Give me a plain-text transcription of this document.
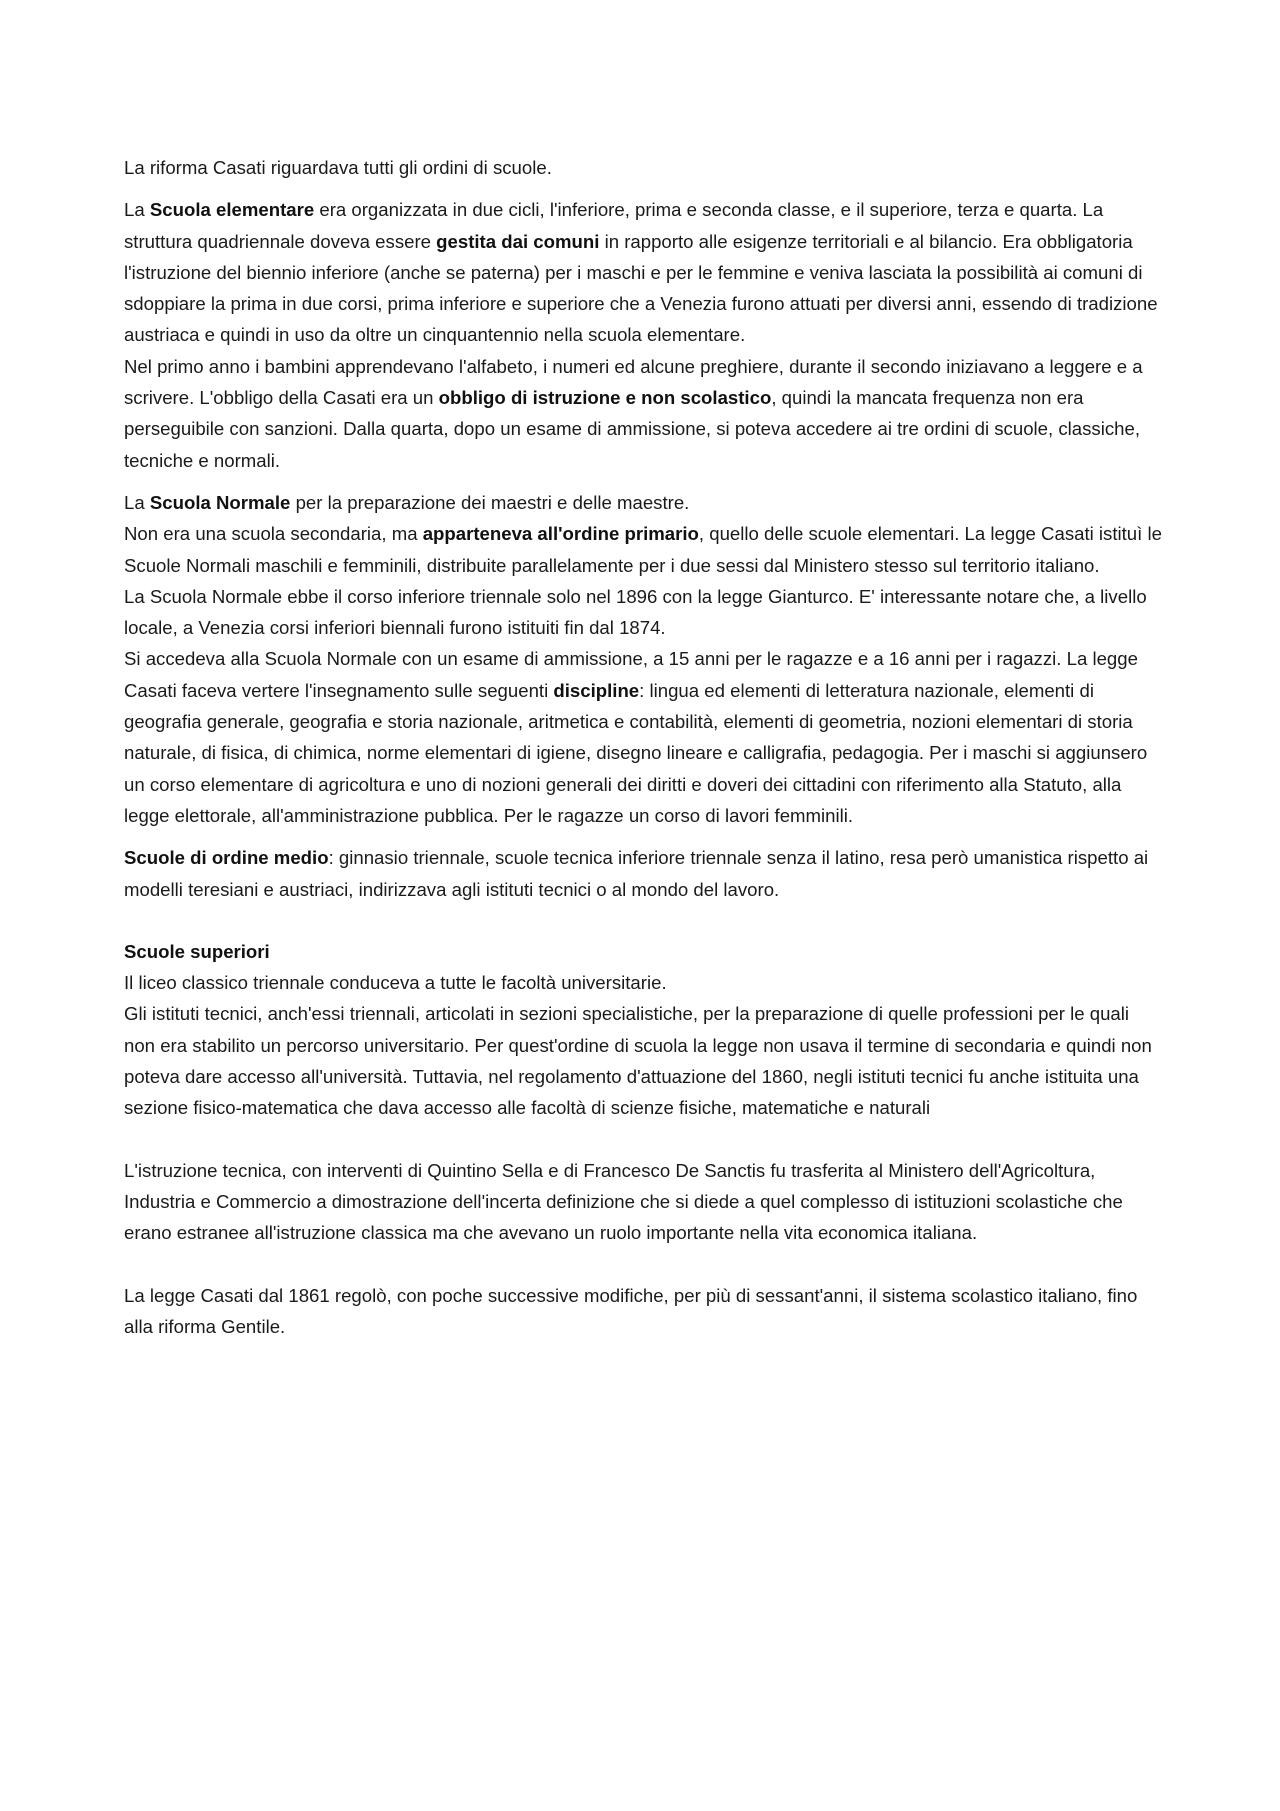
La riforma Casati riguardava tutti gli ordini di scuole.

La Scuola elementare era organizzata in due cicli, l'inferiore, prima e seconda classe, e il superiore, terza e quarta. La struttura quadriennale doveva essere gestita dai comuni in rapporto alle esigenze territoriali e al bilancio. Era obbligatoria l'istruzione del biennio inferiore (anche se paterna) per i maschi e per le femmine e veniva lasciata la possibilità ai comuni di sdoppiare la prima in due corsi, prima inferiore e superiore che a Venezia furono attuati per diversi anni, essendo di tradizione austriaca e quindi in uso da oltre un cinquantennio nella scuola elementare.

Nel primo anno i bambini apprendevano l'alfabeto, i numeri ed alcune preghiere, durante il secondo iniziavano a leggere e a scrivere. L'obbligo della Casati era un obbligo di istruzione e non scolastico, quindi la mancata frequenza non era perseguibile con sanzioni. Dalla quarta, dopo un esame di ammissione, si poteva accedere ai tre ordini di scuole, classiche, tecniche e normali.

La Scuola Normale per la preparazione dei maestri e delle maestre.

Non era una scuola secondaria, ma apparteneva all'ordine primario, quello delle scuole elementari. La legge Casati istituì le Scuole Normali maschili e femminili, distribuite parallelamente per i due sessi dal Ministero stesso sul territorio italiano.

La Scuola Normale ebbe il corso inferiore triennale solo nel 1896 con la legge Gianturco. E' interessante notare che, a livello locale, a Venezia corsi inferiori biennali furono istituiti fin dal 1874.

Si accedeva alla Scuola Normale con un esame di ammissione, a 15 anni per le ragazze e a 16 anni per i ragazzi. La legge Casati faceva vertere l'insegnamento sulle seguenti discipline: lingua ed elementi di letteratura nazionale, elementi di geografia generale, geografia e storia nazionale, aritmetica e contabilità, elementi di geometria, nozioni elementari di storia naturale, di fisica, di chimica, norme elementari di igiene, disegno lineare e calligrafia, pedagogia. Per i maschi si aggiunsero un corso elementare di agricoltura e uno di nozioni generali dei diritti e doveri dei cittadini con riferimento alla Statuto, alla legge elettorale, all'amministrazione pubblica. Per le ragazze un corso di lavori femminili.

Scuole di ordine medio: ginnasio triennale, scuole tecnica inferiore triennale senza il latino, resa però umanistica rispetto ai modelli teresiani e austriaci, indirizzava agli istituti tecnici o al mondo del lavoro.

Scuole superiori

Il liceo classico triennale conduceva a tutte le facoltà universitarie.

Gli istituti tecnici, anch'essi triennali, articolati in sezioni specialistiche, per la preparazione di quelle professioni per le quali non era stabilito un percorso universitario. Per quest'ordine di scuola la legge non usava il termine di secondaria e quindi non poteva dare accesso all'università. Tuttavia, nel regolamento d'attuazione del 1860, negli istituti tecnici fu anche istituita una sezione fisico-matematica che dava accesso alle facoltà di scienze fisiche, matematiche e naturali

L'istruzione tecnica, con interventi di Quintino Sella e di Francesco De Sanctis fu trasferita al Ministero dell'Agricoltura, Industria e Commercio a dimostrazione dell'incerta definizione che si diede a quel complesso di istituzioni scolastiche che erano estranee all'istruzione classica ma che avevano un ruolo importante nella vita economica italiana.

La legge Casati dal 1861 regolò, con poche successive modifiche, per più di sessant'anni, il sistema scolastico italiano, fino alla riforma Gentile.
